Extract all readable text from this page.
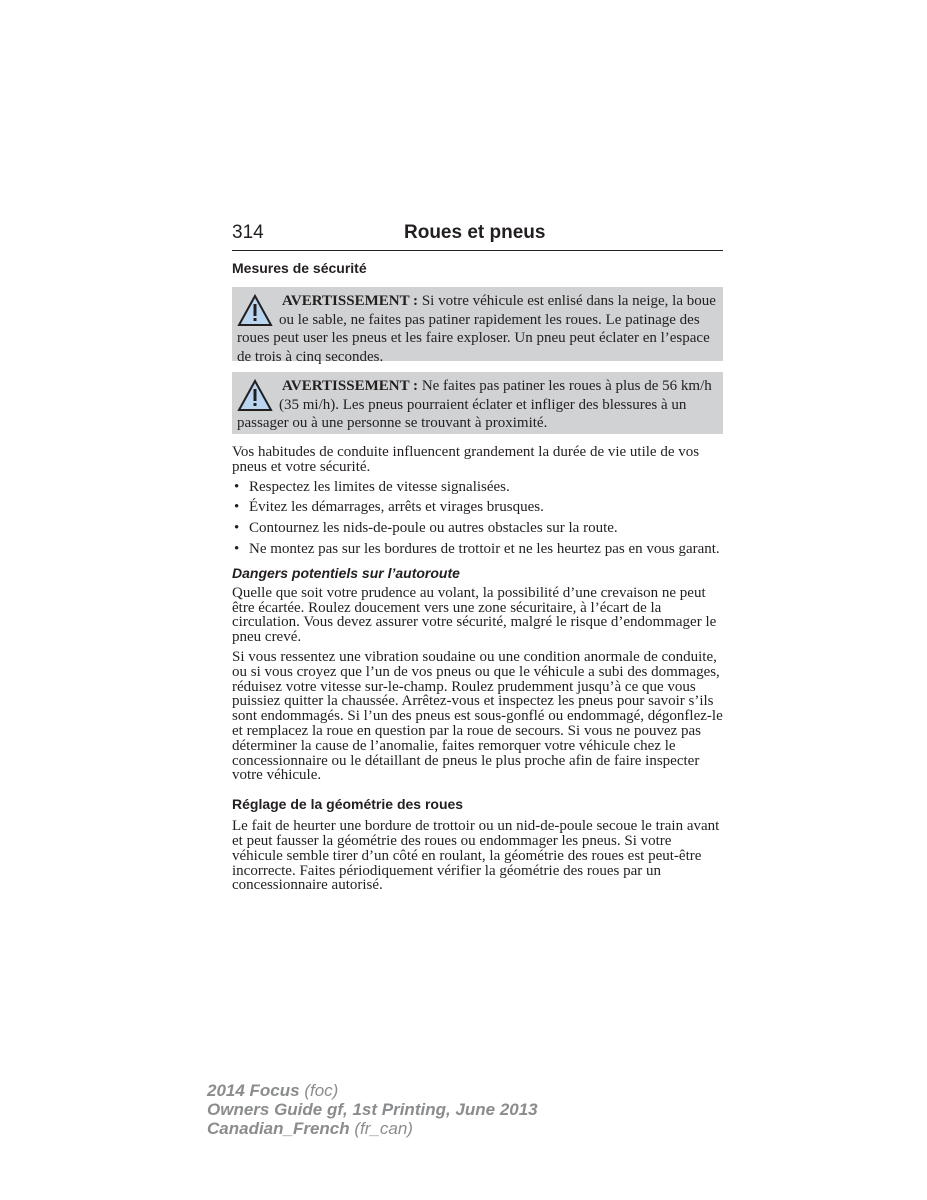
314	Roues et pneus
Mesures de sécurité
AVERTISSEMENT : Si votre véhicule est enlisé dans la neige, la boue ou le sable, ne faites pas patiner rapidement les roues. Le patinage des roues peut user les pneus et les faire exploser. Un pneu peut éclater en l’espace de trois à cinq secondes.
AVERTISSEMENT : Ne faites pas patiner les roues à plus de 56 km/h (35 mi/h). Les pneus pourraient éclater et infliger des blessures à un passager ou à une personne se trouvant à proximité.

Vos habitudes de conduite influencent grandement la durée de vie utile de vos pneus et votre sécurité.

• Respectez les limites de vitesse signalisées.
• Évitez les démarrages, arrêts et virages brusques.
• Contournez les nids-de-poule ou autres obstacles sur la route.
• Ne montez pas sur les bordures de trottoir et ne les heurtez pas en vous garant.
Dangers potentiels sur l’autoroute

Quelle que soit votre prudence au volant, la possibilité d’une crevaison ne peut être écartée. Roulez doucement vers une zone sécuritaire, à l’écart de la circulation. Vous devez assurer votre sécurité, malgré le risque d’endommager le pneu crevé.

Si vous ressentez une vibration soudaine ou une condition anormale de conduite, ou si vous croyez que l’un de vos pneus ou que le véhicule a subi des dommages, réduisez votre vitesse sur-le-champ. Roulez prudemment jusqu’à ce que vous puissiez quitter la chaussée. Arrêtez-vous et inspectez les pneus pour savoir s’ils sont endommagés. Si l’un des pneus est sous-gonflé ou endommagé, dégonflez-le et remplacez la roue en question par la roue de secours. Si vous ne pouvez pas déterminer la cause de l’anomalie, faites remorquer votre véhicule chez le concessionnaire ou le détaillant de pneus le plus proche afin de faire inspecter votre véhicule.

Réglage de la géométrie des roues

Le fait de heurter une bordure de trottoir ou un nid-de-poule secoue le train avant et peut fausser la géométrie des roues ou endommager les pneus. Si votre véhicule semble tirer d’un côté en roulant, la géométrie des roues est peut-être incorrecte. Faites périodiquement vérifier la géométrie des roues par un concessionnaire autorisé.

2014 Focus (foc)
Owners Guide gf, 1st Printing, June 2013
Canadian_French (fr_can)
